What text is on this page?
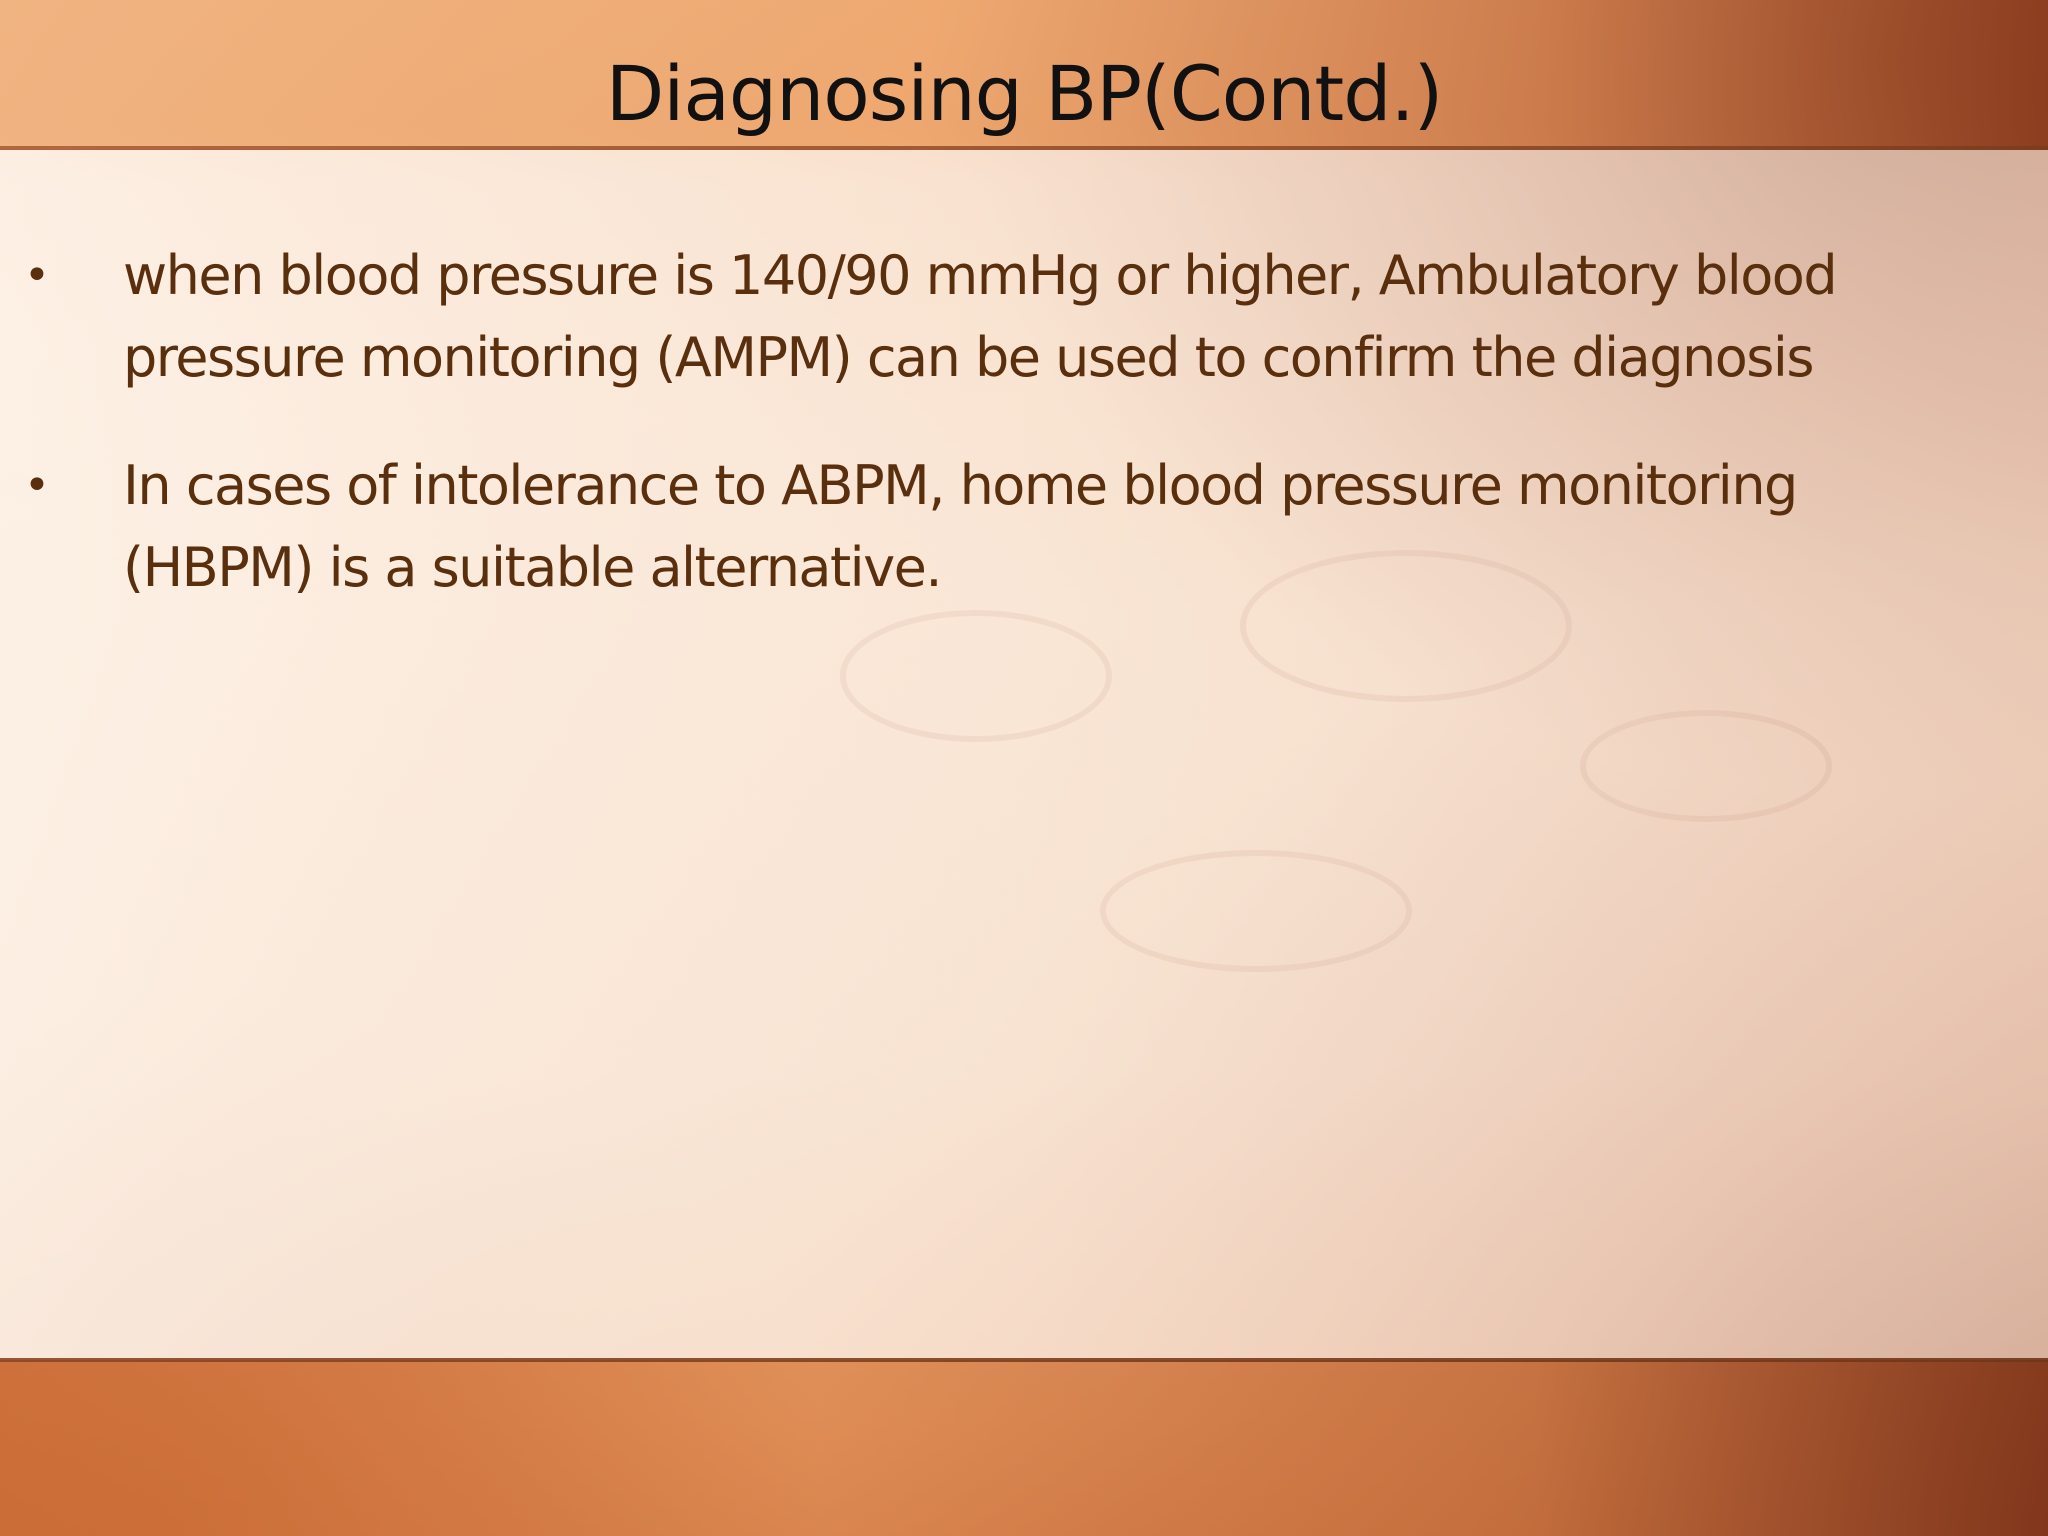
Diagnosing BP(Contd.)
• when blood pressure is 140/90 mmHg or higher, Ambulatory blood
pressure monitoring (AMPM) can be used to confirm the diagnosis
• In cases of intolerance to ABPM, home blood pressure monitoring
(HBPM) is a suitable alternative.
